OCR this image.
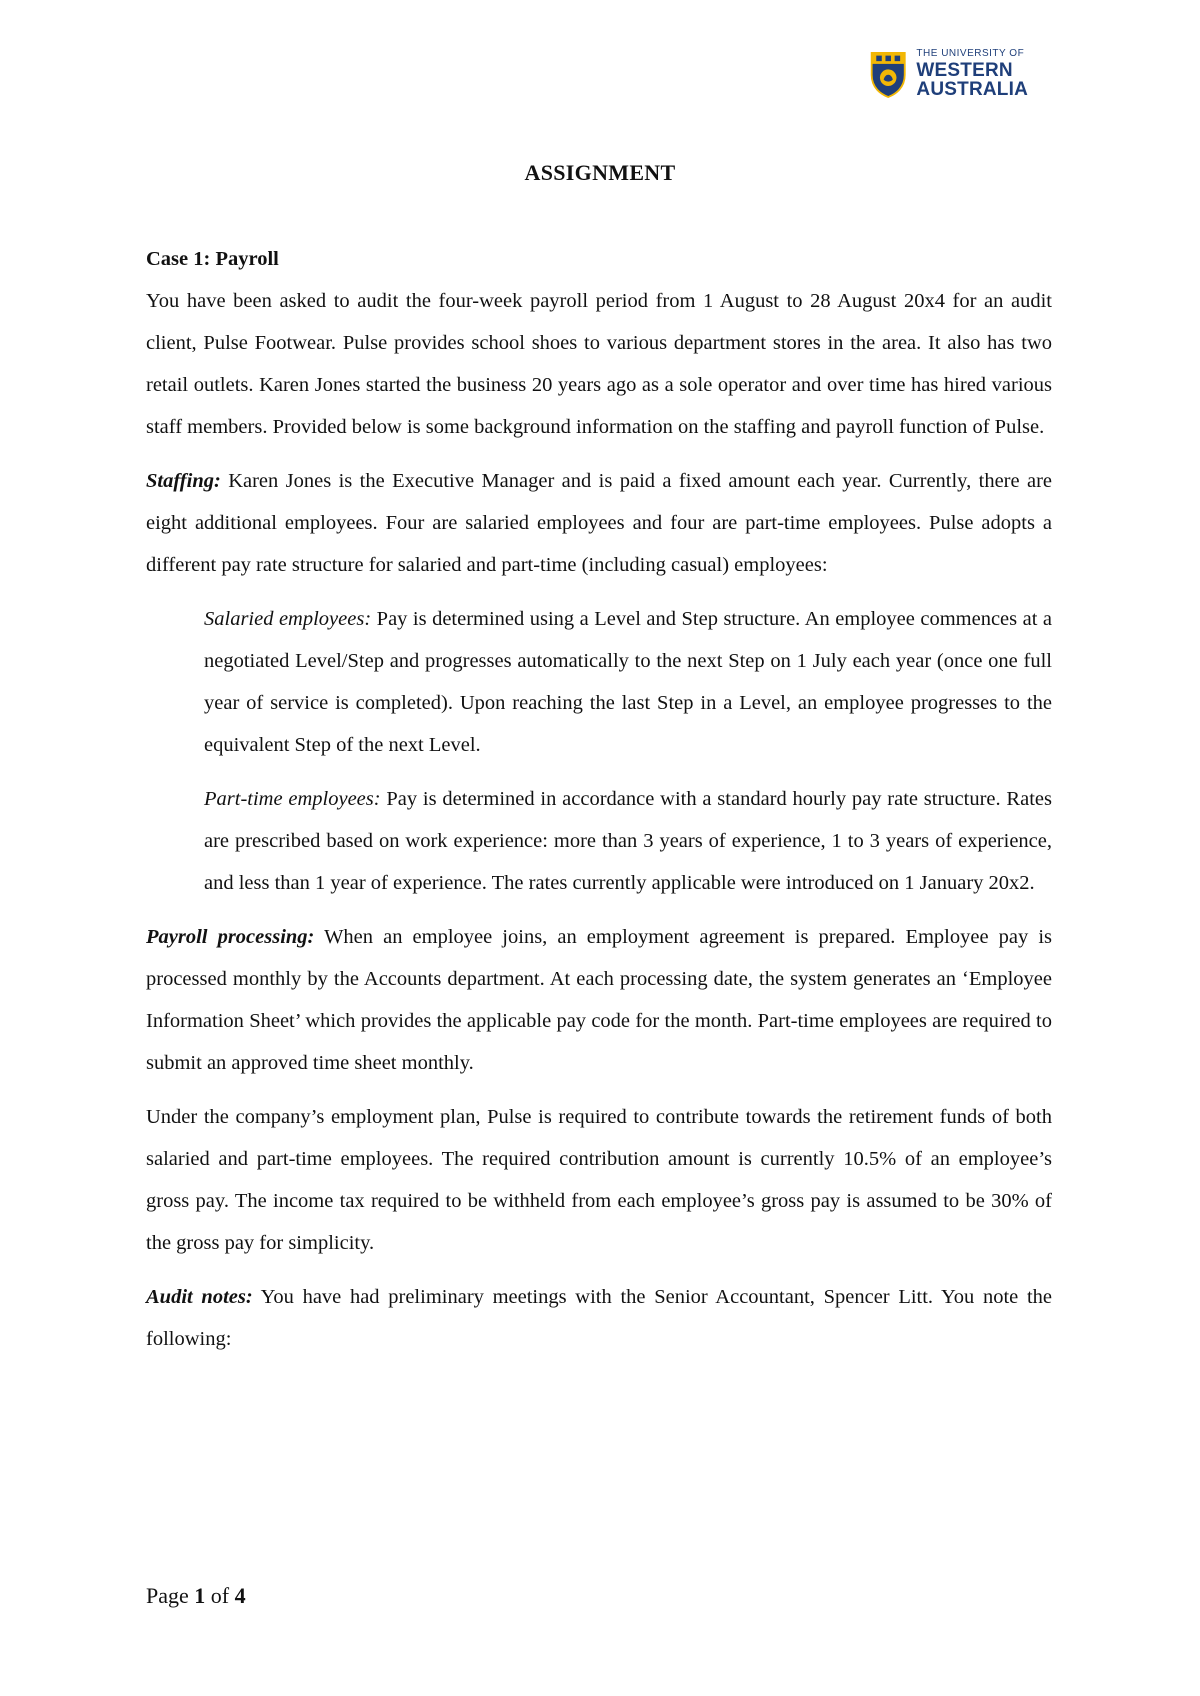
THE UNIVERSITY OF
WESTERN
AUSTRALIA
ASSIGNMENT
Case 1: Payroll

You have been asked to audit the four-week payroll period from 1 August to 28 August 20x4 for an audit client, Pulse Footwear. Pulse provides school shoes to various department stores in the area. It also has two retail outlets. Karen Jones started the business 20 years ago as a sole operator and over time has hired various staff members. Provided below is some background information on the staffing and payroll function of Pulse.

Staffing: Karen Jones is the Executive Manager and is paid a fixed amount each year. Currently, there are eight additional employees. Four are salaried employees and four are part-time employees. Pulse adopts a different pay rate structure for salaried and part-time (including casual) employees:

Salaried employees: Pay is determined using a Level and Step structure. An employee commences at a negotiated Level/Step and progresses automatically to the next Step on 1 July each year (once one full year of service is completed). Upon reaching the last Step in a Level, an employee progresses to the equivalent Step of the next Level.

Part-time employees: Pay is determined in accordance with a standard hourly pay rate structure. Rates are prescribed based on work experience: more than 3 years of experience, 1 to 3 years of experience, and less than 1 year of experience. The rates currently applicable were introduced on 1 January 20x2.

Payroll processing: When an employee joins, an employment agreement is prepared. Employee pay is processed monthly by the Accounts department. At each processing date, the system generates an ‘Employee Information Sheet’ which provides the applicable pay code for the month. Part-time employees are required to submit an approved time sheet monthly.

Under the company’s employment plan, Pulse is required to contribute towards the retirement funds of both salaried and part-time employees. The required contribution amount is currently 10.5% of an employee’s gross pay. The income tax required to be withheld from each employee’s gross pay is assumed to be 30% of the gross pay for simplicity.

Audit notes: You have had preliminary meetings with the Senior Accountant, Spencer Litt. You note the following:

Page 1 of 4
